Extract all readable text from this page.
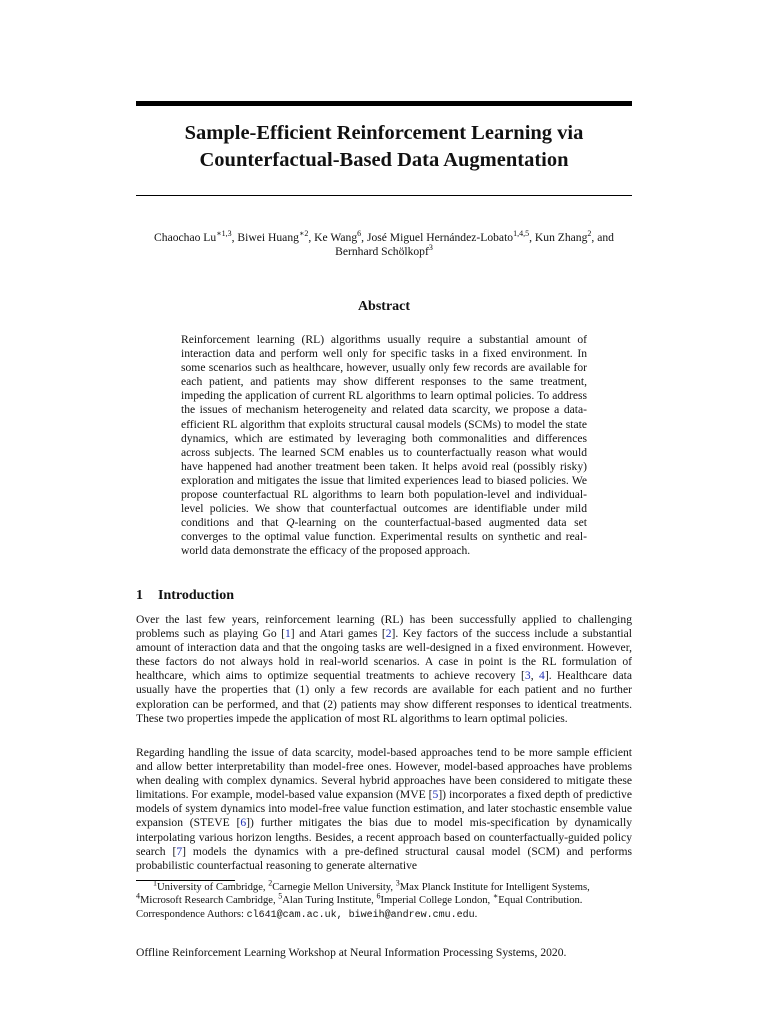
Sample-Efficient Reinforcement Learning via
Counterfactual-Based Data Augmentation
Chaochao $Lu^{∗1,3}$, Biwei Huang$^{∗2}$, Ke Wang$^6$, José Miguel Hernández-Lobato$^{1,4,5}$, Kun Zhang$^2$, and
Bernhard Schölkopf$^3$
Abstract
Reinforcement learning (RL) algorithms usually require a substantial amount of interaction data and perform well only for specific tasks in a fixed environment. In some scenarios such as healthcare, however, usually only few records are available for each patient, and patients may show different responses to the same treatment, impeding the application of current RL algorithms to learn optimal policies. To address the issues of mechanism heterogeneity and related data scarcity, we propose a data-efficient RL algorithm that exploits structural causal models (SCMs) to model the state dynamics, which are estimated by leveraging both commonalities and differences across subjects. The learned SCM enables us to counterfactually reason what would have happened had another treatment been taken. It helps avoid real (possibly risky) exploration and mitigates the issue that limited experiences lead to biased policies. We propose counterfactual RL algorithms to learn both population-level and individual-level policies. We show that counterfactual outcomes are identifiable under mild conditions and that Q-learning on the counterfactual-based augmented data set converges to the optimal value function. Experimental results on synthetic and real-world data demonstrate the efficacy of the proposed approach.
1 Introduction
Over the last few years, reinforcement learning (RL) has been successfully applied to challenging problems such as playing Go [1] and Atari games [2]. Key factors of the success include a substantial amount of interaction data and that the ongoing tasks are well-designed in a fixed environment. However, these factors do not always hold in real-world scenarios. A case in point is the RL formulation of healthcare, which aims to optimize sequential treatments to achieve recovery [3, 4]. Healthcare data usually have the properties that (1) only a few records are available for each patient and no further exploration can be performed, and that (2) patients may show different responses to identical treatments. These two properties impede the application of most RL algorithms to learn optimal policies.
Regarding handling the issue of data scarcity, model-based approaches tend to be more sample efficient and allow better interpretability than model-free ones. However, model-based approaches have problems when dealing with complex dynamics. Several hybrid approaches have been considered to mitigate these limitations. For example, model-based value expansion (MVE [5]) incorporates a fixed depth of predictive models of system dynamics into model-free value function estimation, and later stochastic ensemble value expansion (STEVE [6]) further mitigates the bias due to model mis-specification by dynamically interpolating various horizon lengths. Besides, a recent approach based on counterfactually-guided policy search [7] models the dynamics with a pre-defined structural causal model (SCM) and performs probabilistic counterfactual reasoning to generate alternative
$^1$University of Cambridge, $^2$Carnegie Mellon University, $^3$Max Planck Institute for Intelligent Systems,
$^4$Microsoft Research Cambridge, $^5$Alan Turing Institute, $^6$Imperial College London, ∗Equal Contribution.
Correspondence Authors: cl641@cam.ac.uk, biweih@andrew.cmu.edu.
Offline Reinforcement Learning Workshop at Neural Information Processing Systems, 2020.
